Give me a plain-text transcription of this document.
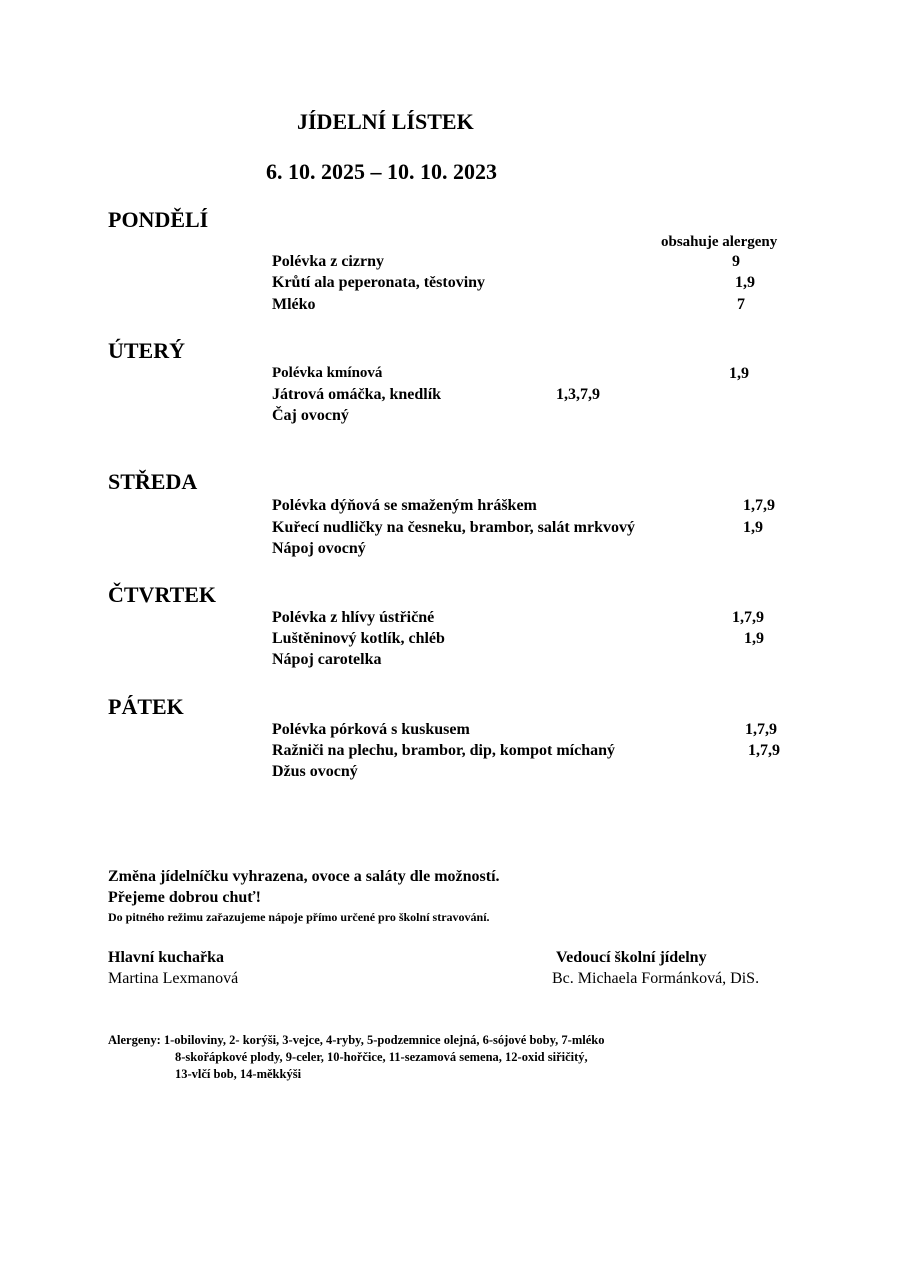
JÍDELNÍ LÍSTEK
6. 10. 2025 – 10. 10. 2023
PONDĚLÍ
obsahuje alergeny
Polévka z cizrny	9
Krůtí ala peperonata, těstoviny	1,9
Mléko	7
ÚTERÝ
Polévka kmínová	1,9
Játrová omáčka, knedlík	1,3,7,9
Čaj ovocný
STŘEDA
Polévka dýňová se smaženým hráškem	1,7,9
Kuřecí nudličky na česneku, brambor, salát mrkvový	1,9
Nápoj ovocný
ČTVRTEK
Polévka z hlívy ústřičné	1,7,9
Luštěninový kotlík, chléb	1,9
Nápoj carotelka
PÁTEK
Polévka pórková s kuskusem	1,7,9
Ražniči na plechu, brambor, dip, kompot míchaný	1,7,9
Džus ovocný
Změna jídelníčku vyhrazena, ovoce a saláty dle možností.
Přejeme dobrou chuť!
Do pitného režimu zařazujeme nápoje přímo určené pro školní stravování.
Hlavní kuchařka
Martina Lexmanová
Vedoucí školní jídelny
Bc. Michaela Formánková, DiS.
Alergeny: 1-obiloviny, 2- korýši, 3-vejce, 4-ryby, 5-podzemnice olejná, 6-sójové boby, 7-mléko
8-skořápkové plody, 9-celer, 10-hořčice, 11-sezamová semena, 12-oxid siřičitý,
13-vlčí bob, 14-měkkýši
